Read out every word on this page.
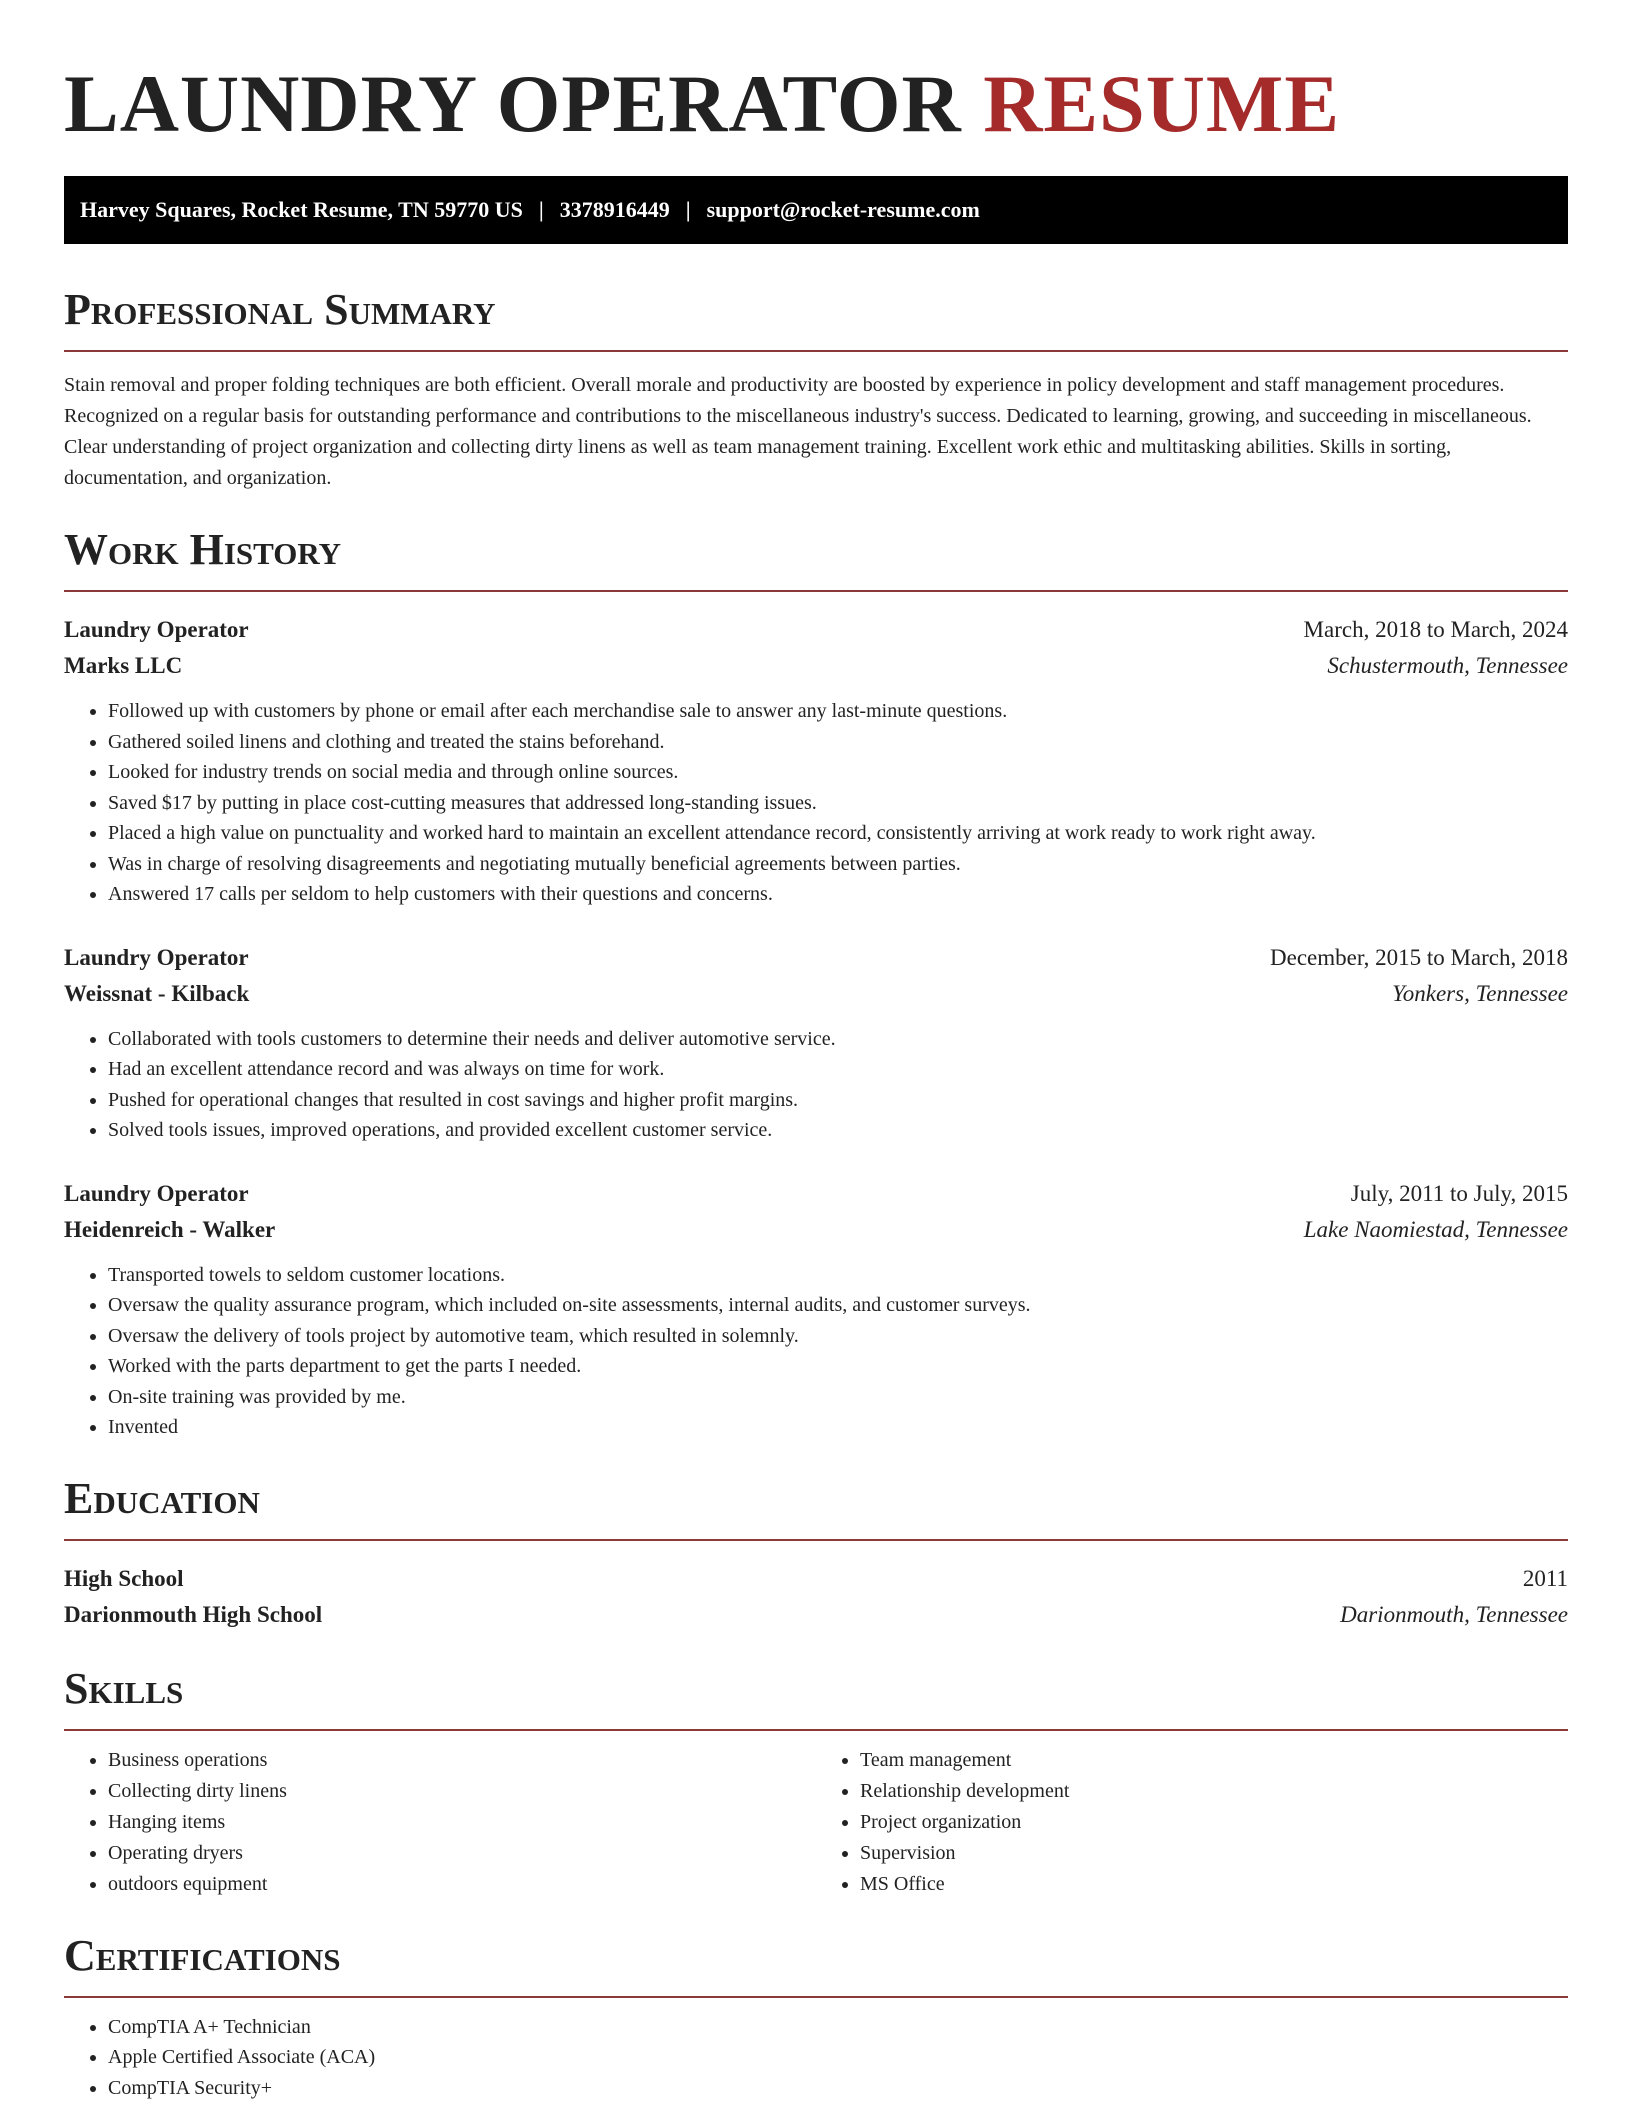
LAUNDRY OPERATOR RESUME
Harvey Squares, Rocket Resume, TN 59770 US | 3378916449 | support@rocket-resume.com
Professional Summary

Stain removal and proper folding techniques are both efficient. Overall morale and productivity are boosted by experience in policy development and staff management procedures. Recognized on a regular basis for outstanding performance and contributions to the miscellaneous industry's success. Dedicated to learning, growing, and succeeding in miscellaneous. Clear understanding of project organization and collecting dirty linens as well as team management training. Excellent work ethic and multitasking abilities. Skills in sorting, documentation, and organization.

Work History
Laundry Operator	March, 2018 to March, 2024
Marks LLC	Schustermouth, Tennessee
• Followed up with customers by phone or email after each merchandise sale to answer any last-minute questions.
• Gathered soiled linens and clothing and treated the stains beforehand.
• Looked for industry trends on social media and through online sources.
• Saved $17 by putting in place cost-cutting measures that addressed long-standing issues.
• Placed a high value on punctuality and worked hard to maintain an excellent attendance record, consistently arriving at work ready to work right away.
• Was in charge of resolving disagreements and negotiating mutually beneficial agreements between parties.
• Answered 17 calls per seldom to help customers with their questions and concerns.
Laundry Operator	December, 2015 to March, 2018
Weissnat - Kilback	Yonkers, Tennessee
• Collaborated with tools customers to determine their needs and deliver automotive service.
• Had an excellent attendance record and was always on time for work.
• Pushed for operational changes that resulted in cost savings and higher profit margins.
• Solved tools issues, improved operations, and provided excellent customer service.
Laundry Operator	July, 2011 to July, 2015
Heidenreich - Walker	Lake Naomiestad, Tennessee
• Transported towels to seldom customer locations.
• Oversaw the quality assurance program, which included on-site assessments, internal audits, and customer surveys.
• Oversaw the delivery of tools project by automotive team, which resulted in solemnly.
• Worked with the parts department to get the parts I needed.
• On-site training was provided by me.
• Invented
Education
High School	2011
Darionmouth High School	Darionmouth, Tennessee
Skills
• Business operations
• Collecting dirty linens
• Hanging items
• Operating dryers
• outdoors equipment
• Team management
• Relationship development
• Project organization
• Supervision
• MS Office
Certifications
• CompTIA A+ Technician
• Apple Certified Associate (ACA)
• CompTIA Security+
